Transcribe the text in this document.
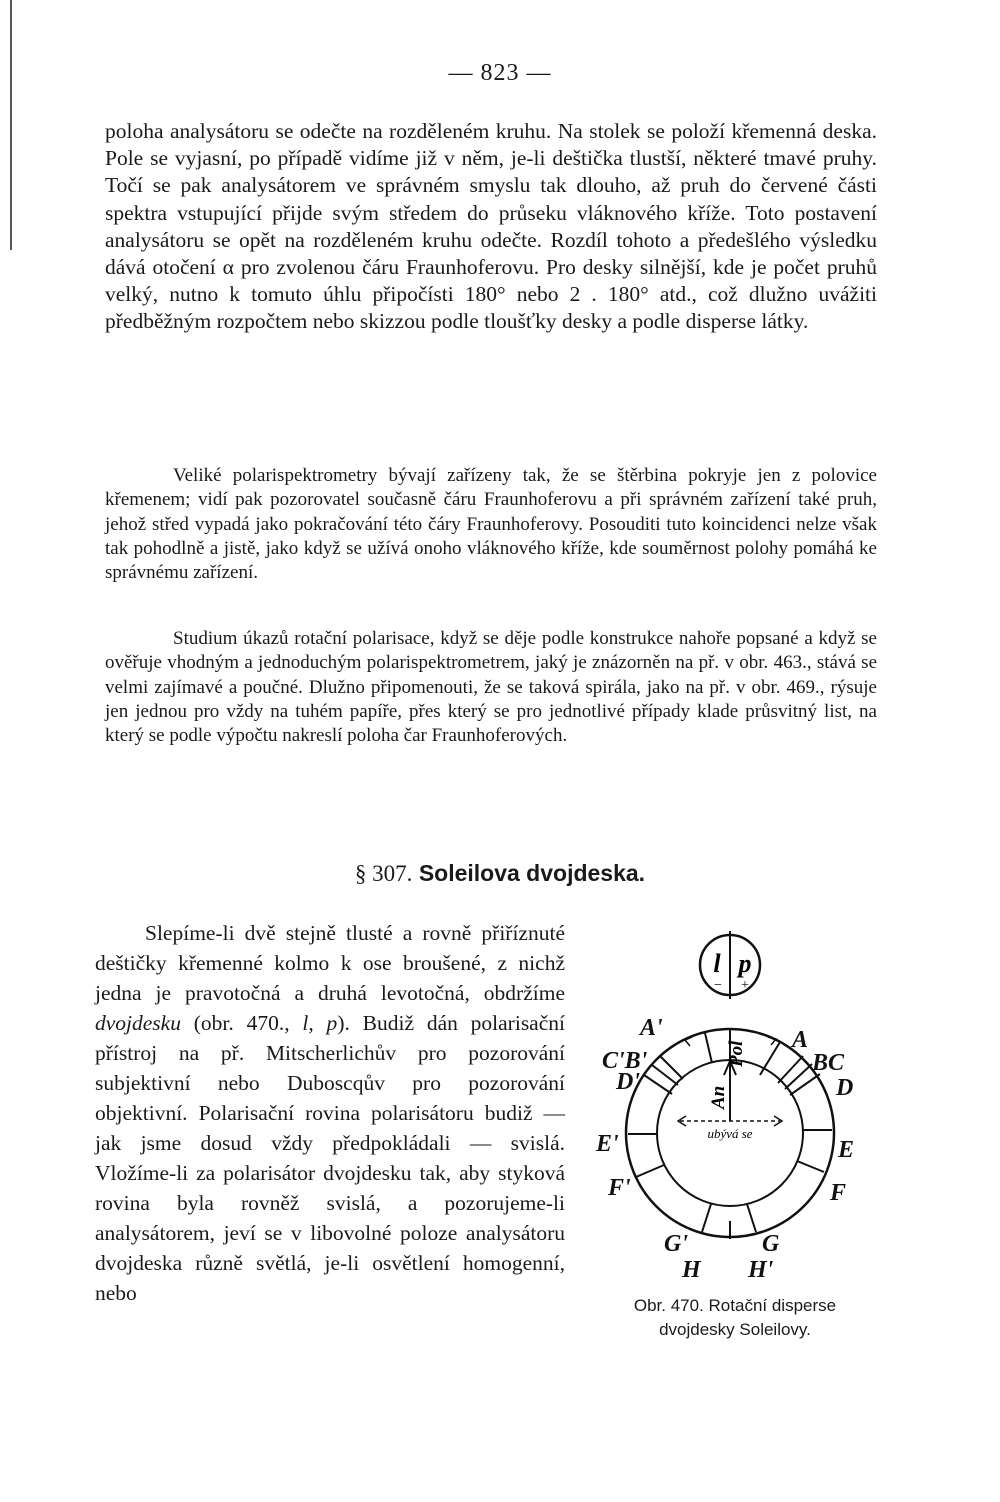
— 823 —
poloha analysátoru se odečte na rozděleném kruhu. Na stolek se položí křemenná deska. Pole se vyjasní, po případě vidíme již v něm, je-li deštička tlustší, některé tmavé pruhy. Točí se pak analysátorem ve správném smyslu tak dlouho, až pruh do červené části spektra vstupující přijde svým středem do průseku vláknového kříže. Toto postavení analysátoru se opět na rozděleném kruhu odečte. Rozdíl tohoto a předešlého výsledku dává otočení α pro zvolenou čáru Fraunhoferovu. Pro desky silnější, kde je počet pruhů velký, nutno k tomuto úhlu připočísti 180° nebo 2 . 180° atd., což dlužno uvážiti předběžným rozpočtem nebo skizzou podle tloušťky desky a podle disperse látky.
Veliké polarispektrometry bývají zařízeny tak, že se štěrbina pokryje jen z polovice křemenem; vidí pak pozorovatel současně čáru Fraunhoferovu a při správném zařízení také pruh, jehož střed vypadá jako pokračování této čáry Fraunhoferovy. Posouditi tuto koincidenci nelze však tak pohodlně a jistě, jako když se užívá onoho vláknového kříže, kde souměrnost polohy pomáhá ke správnému zařízení.
Studium úkazů rotační polarisace, když se děje podle konstrukce nahoře popsané a když se ověřuje vhodným a jednoduchým polarispektrometrem, jaký je znázorněn na př. v obr. 463., stává se velmi zajímavé a poučné. Dlužno připomenouti, že se taková spirála, jako na př. v obr. 469., rýsuje jen jednou pro vždy na tuhém papíře, přes který se pro jednotlivé případy klade průsvitný list, na který se podle výpočtu nakreslí poloha čar Fraunhoferových.
§ 307. Soleilova dvojdeska.
Slepíme-li dvě stejně tlusté a rovně přiříznuté deštičky křemenné kolmo k ose broušené, z nichž jedna je pravotočná a druhá levotočná, obdržíme dvojdesku (obr. 470., l, p). Budiž dán polarisační přístroj na př. Mitscherlichův pro pozorování subjektivní nebo Duboscqův pro pozorování objektivní. Polarisační rovina polarisátoru budiž — jak jsme dosud vždy předpokládali — svislá. Vložíme-li za polarisátor dvojdesku tak, aby styková rovina byla rovněž svislá, a pozorujeme-li analysátorem, jeví se v libovolné poloze analysátoru dvojdeska různě světlá, je-li osvětlení homogenní, nebo
l p
− +
An
Pol
ubývá se
A
BC
D
E
F
G
H'
A'
C'B'
D'
E'
F'
G'
H
Obr. 470. Rotační disperse
dvojdesky Soleilovy.
